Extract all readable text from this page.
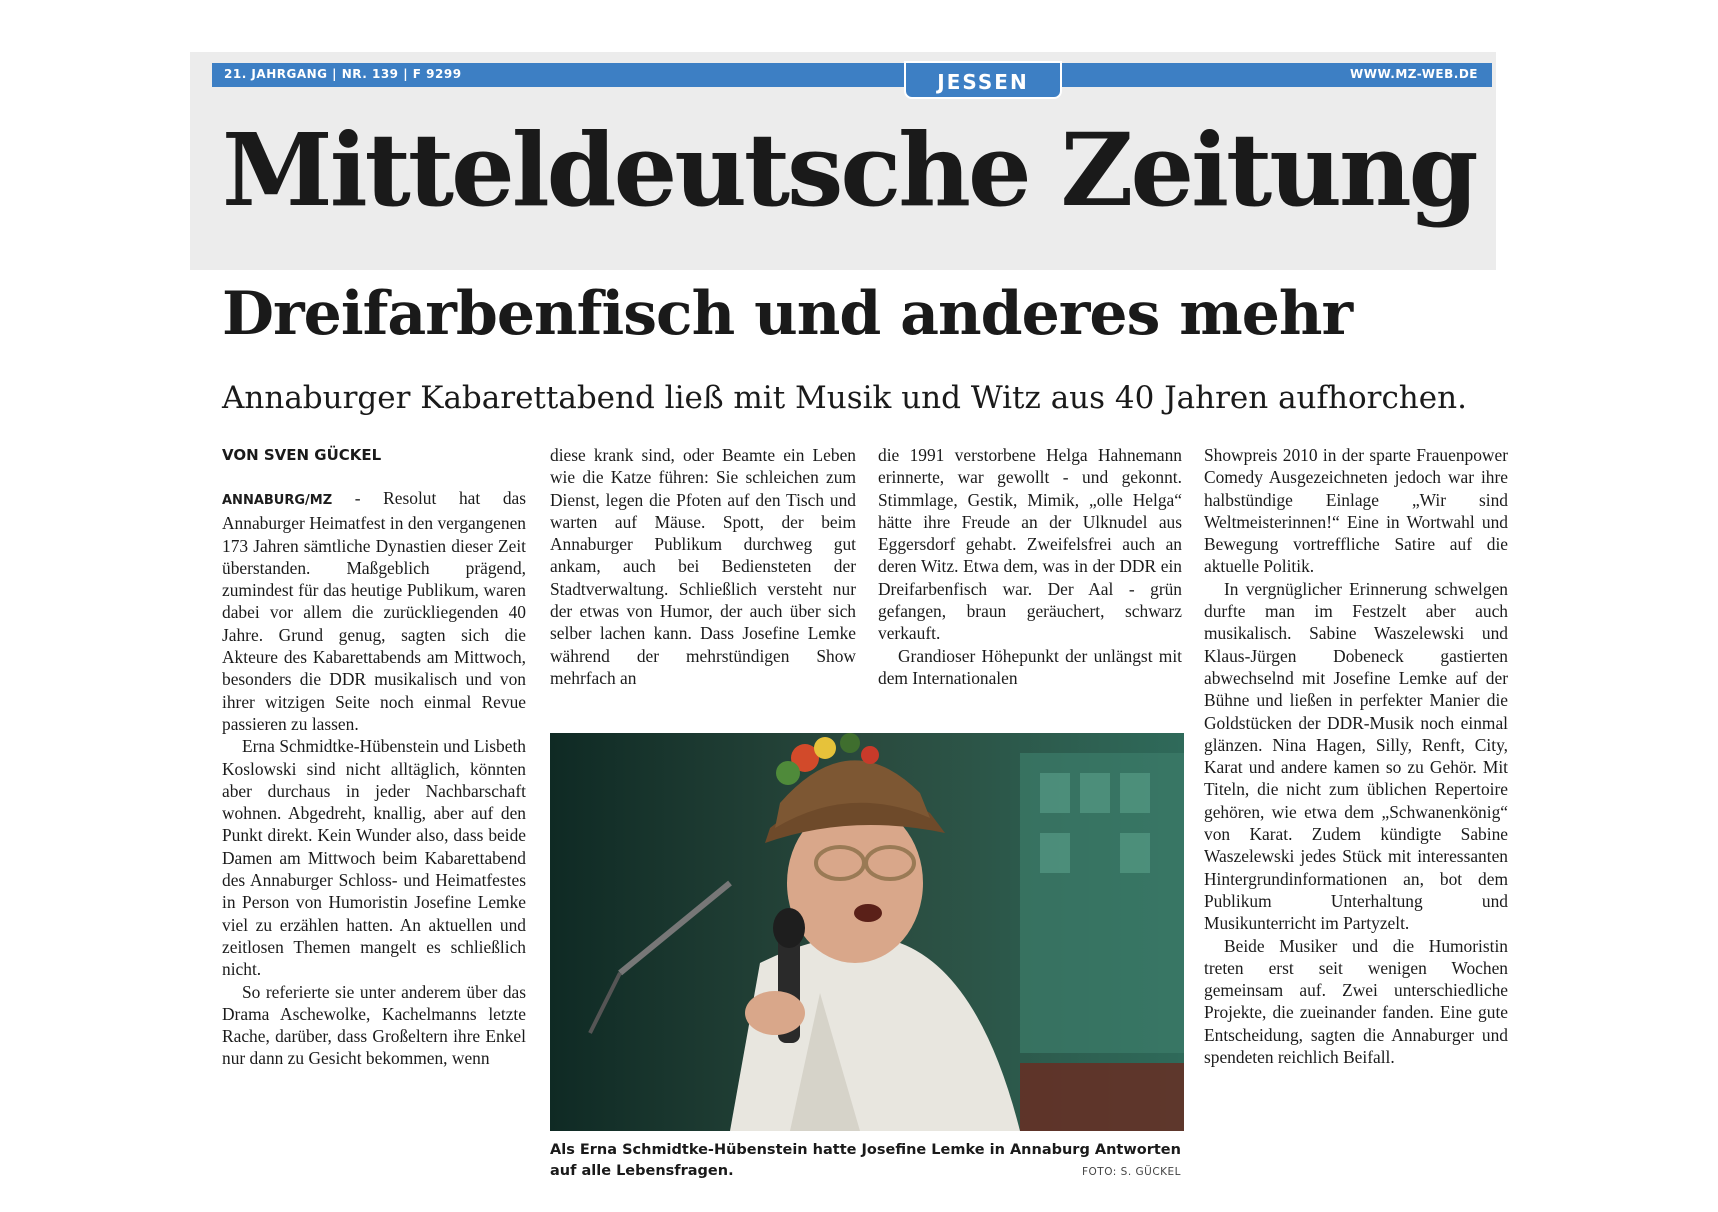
21. JAHRGANG | NR. 139 | F 9299	WWW.MZ-WEB.DE
JESSEN
Mitteldeutsche Zeitung
Dreifarbenfisch und anderes mehr
Annaburger Kabarettabend ließ mit Musik und Witz aus 40 Jahren aufhorchen.
VON SVEN GÜCKEL

ANNABURG/MZ - Resolut hat das Annaburger Heimatfest in den vergangenen 173 Jahren sämtliche Dynastien dieser Zeit überstanden. Maßgeblich prägend, zumindest für das heutige Publikum, waren dabei vor allem die zurückliegenden 40 Jahre. Grund genug, sagten sich die Akteure des Kabarettabends am Mittwoch, besonders die DDR musikalisch und von ihrer witzigen Seite noch einmal Revue passieren zu lassen.

Erna Schmidtke-Hübenstein und Lisbeth Koslowski sind nicht alltäglich, könnten aber durchaus in jeder Nachbarschaft wohnen. Abgedreht, knallig, aber auf den Punkt direkt. Kein Wunder also, dass beide Damen am Mittwoch beim Kabarettabend des Annaburger Schloss- und Heimatfestes in Person von Humoristin Josefine Lemke viel zu erzählen hatten. An aktuellen und zeitlosen Themen mangelt es schließlich nicht.

So referierte sie unter anderem über das Drama Aschewolke, Kachelmanns letzte Rache, darüber, dass Großeltern ihre Enkel nur dann zu Gesicht bekommen, wenn

diese krank sind, oder Beamte ein Leben wie die Katze führen: Sie schleichen zum Dienst, legen die Pfoten auf den Tisch und warten auf Mäuse. Spott, der beim Annaburger Publikum durchweg gut ankam, auch bei Bediensteten der Stadtverwaltung. Schließlich versteht nur der etwas von Humor, der auch über sich selber lachen kann. Dass Josefine Lemke während der mehrstündigen Show mehrfach an

die 1991 verstorbene Helga Hahnemann erinnerte, war gewollt - und gekonnt. Stimmlage, Gestik, Mimik, „olle Helga“ hätte ihre Freude an der Ulknudel aus Eggersdorf gehabt. Zweifelsfrei auch an deren Witz. Etwa dem, was in der DDR ein Dreifarbenfisch war. Der Aal - grün gefangen, braun geräuchert, schwarz verkauft.

Grandioser Höhepunkt der unlängst mit dem Internationalen

Showpreis 2010 in der sparte Frauenpower Comedy Ausgezeichneten jedoch war ihre halbstündige Einlage „Wir sind Weltmeisterinnen!“ Eine in Wortwahl und Bewegung vortreffliche Satire auf die aktuelle Politik.

In vergnüglicher Erinnerung schwelgen durfte man im Festzelt aber auch musikalisch. Sabine Waszelewski und Klaus-Jürgen Dobeneck gastierten abwechselnd mit Josefine Lemke auf der Bühne und ließen in perfekter Manier die Goldstücken der DDR-Musik noch einmal glänzen. Nina Hagen, Silly, Renft, City, Karat und andere kamen so zu Gehör. Mit Titeln, die nicht zum üblichen Repertoire gehören, wie etwa dem „Schwanenkönig“ von Karat. Zudem kündigte Sabine Waszelewski jedes Stück mit interessanten Hintergrundinformationen an, bot dem Publikum Unterhaltung und Musikunterricht im Partyzelt.

Beide Musiker und die Humoristin treten erst seit wenigen Wochen gemeinsam auf. Zwei unterschiedliche Projekte, die zueinander fanden. Eine gute Entscheidung, sagten die Annaburger und spendeten reichlich Beifall.

Als Erna Schmidtke-Hübenstein hatte Josefine Lemke in Annaburg Antworten auf alle Lebensfragen.	FOTO: S. GÜCKEL
